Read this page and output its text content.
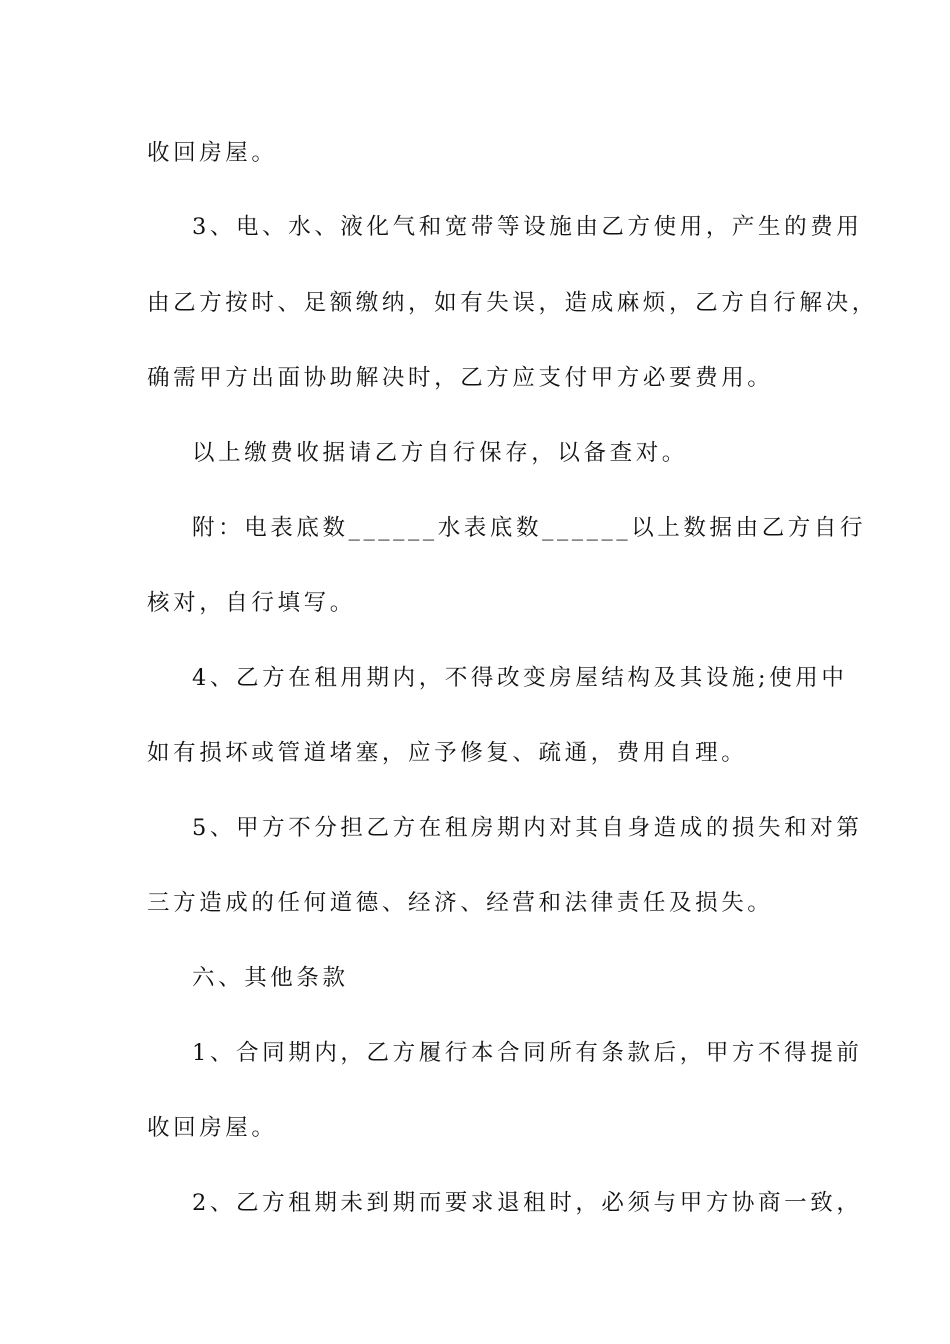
收回房屋。
3、电、水、液化气和宽带等设施由乙方使用，产生的费用
由乙方按时、足额缴纳，如有失误，造成麻烦，乙方自行解决，
确需甲方出面协助解决时，乙方应支付甲方必要费用。
以上缴费收据请乙方自行保存，以备查对。
附：电表底数______水表底数______以上数据由乙方自行
核对，自行填写。
4、乙方在租用期内，不得改变房屋结构及其设施;使用中
如有损坏或管道堵塞，应予修复、疏通，费用自理。
5、甲方不分担乙方在租房期内对其自身造成的损失和对第
三方造成的任何道德、经济、经营和法律责任及损失。
六、其他条款
1、合同期内，乙方履行本合同所有条款后，甲方不得提前
收回房屋。
2、乙方租期未到期而要求退租时，必须与甲方协商一致，
